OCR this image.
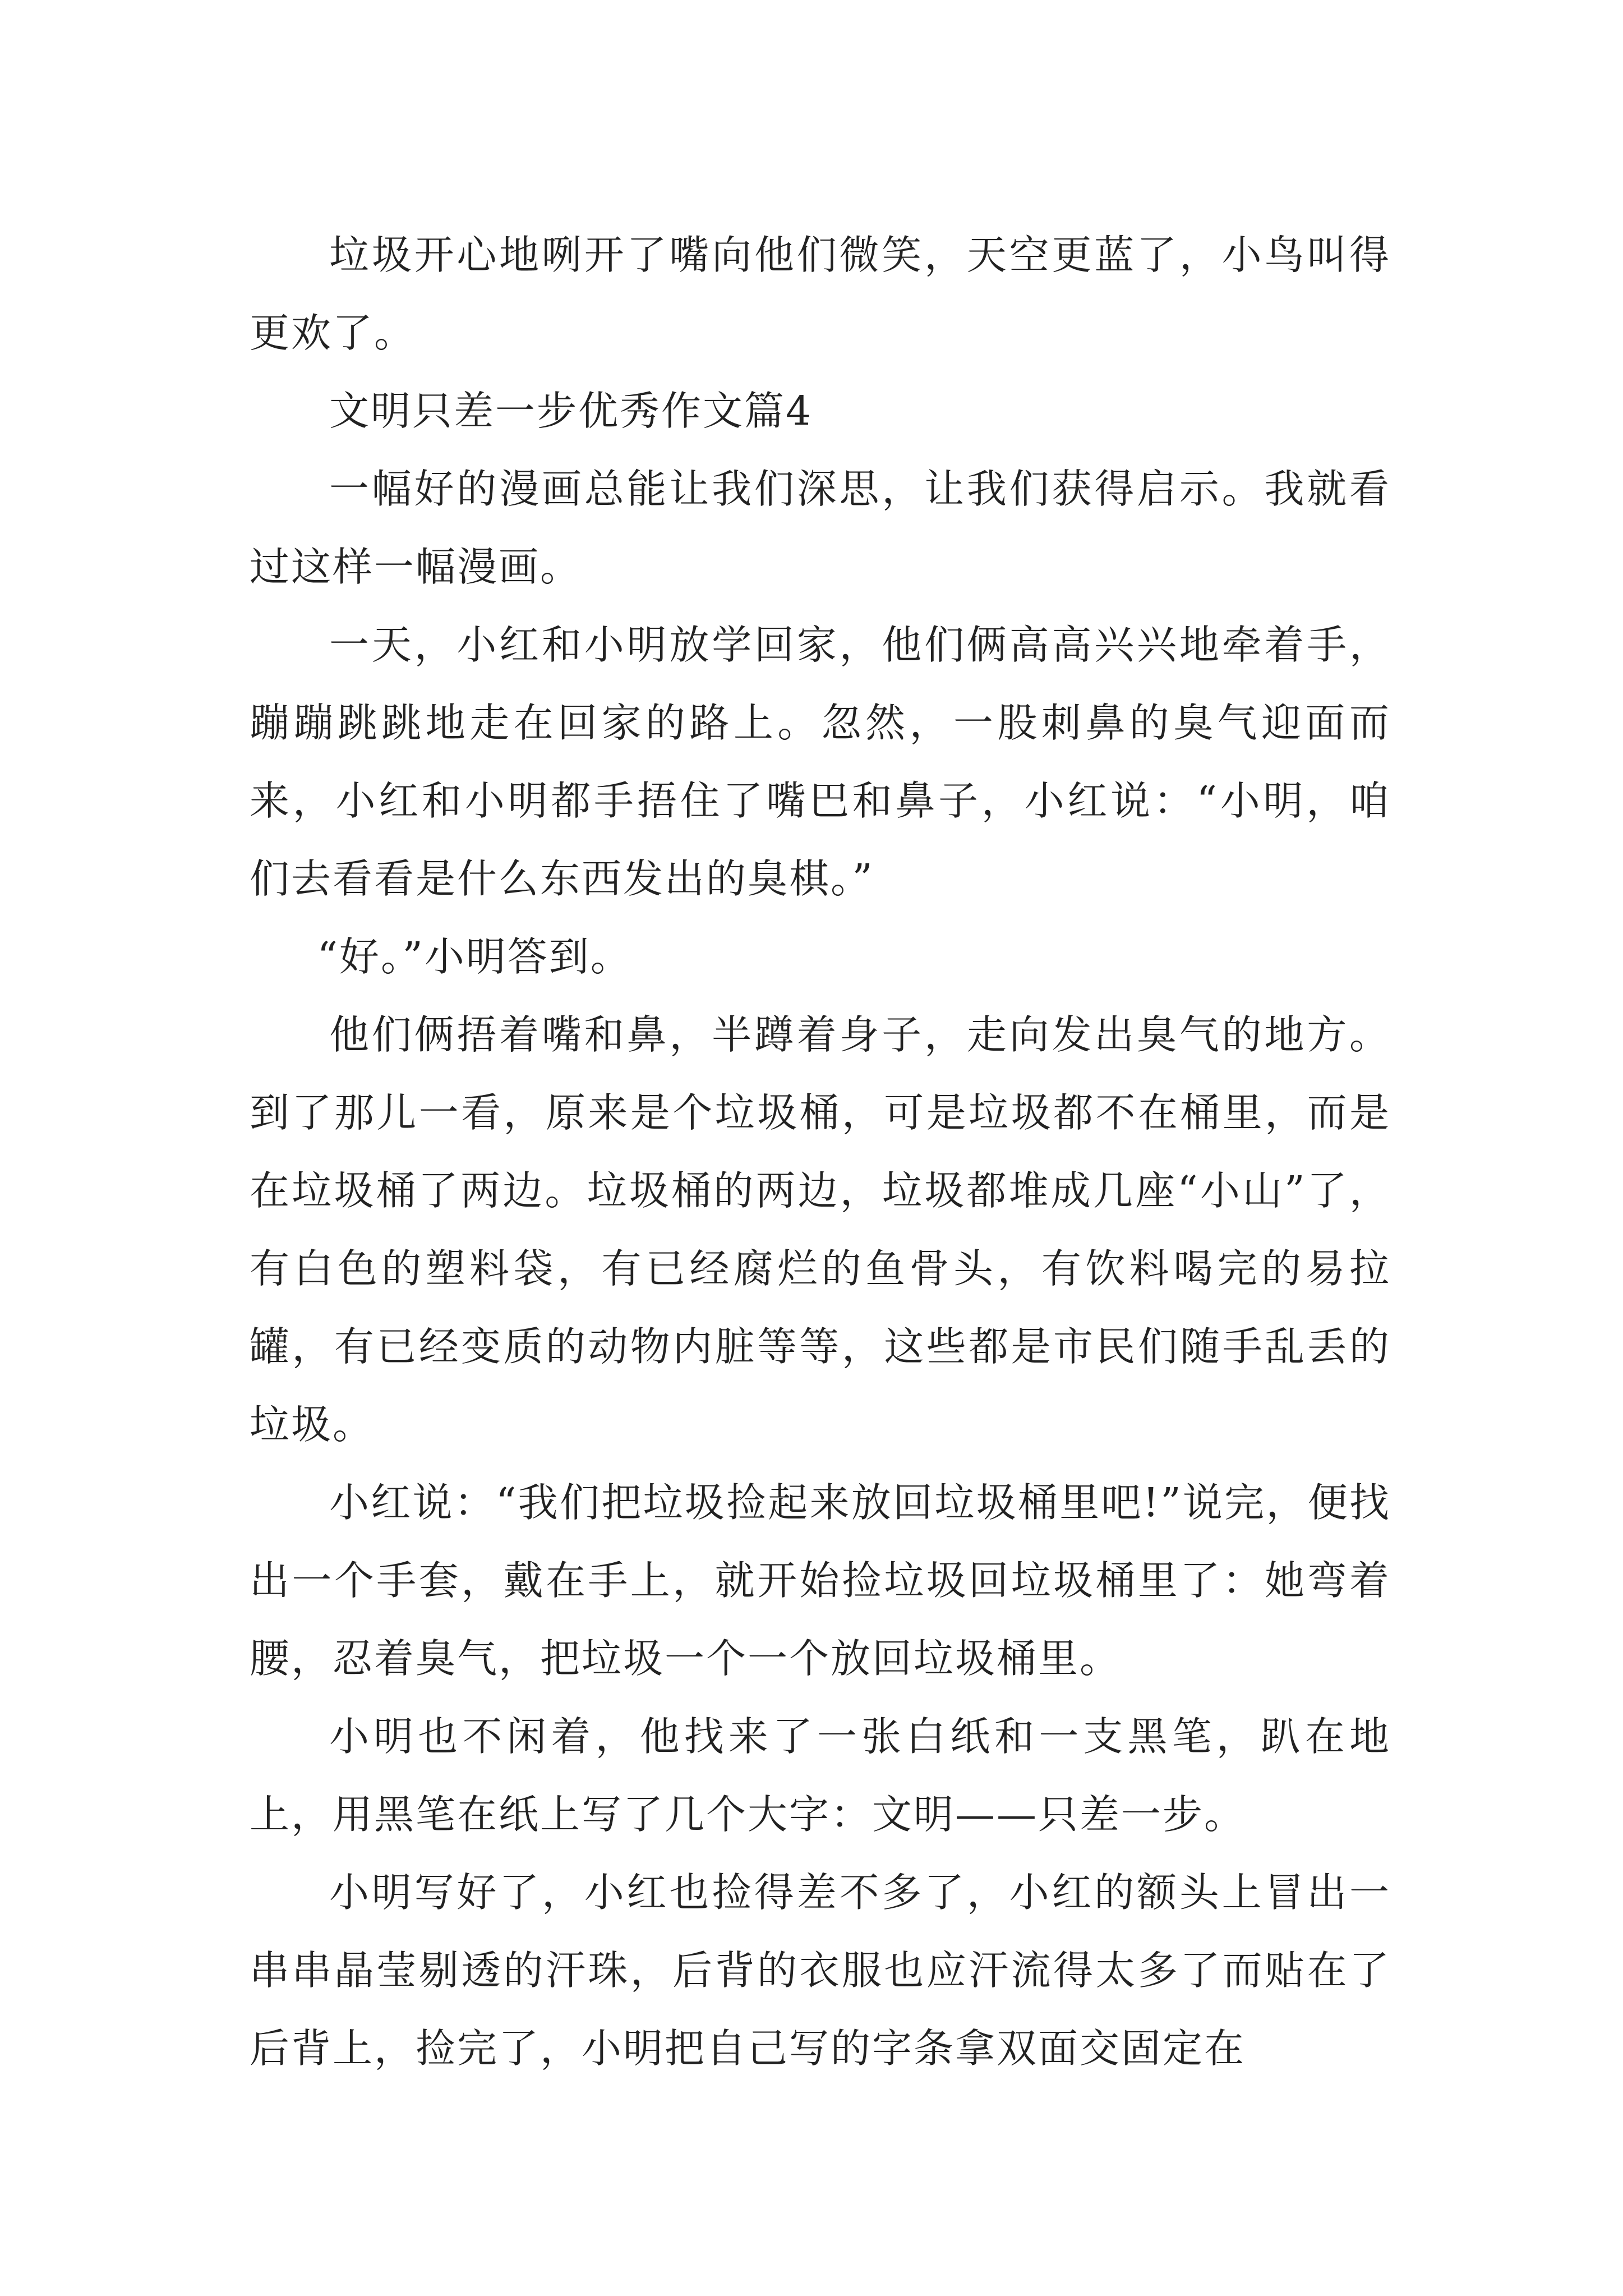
垃圾开心地咧开了嘴向他们微笑，天空更蓝了，小鸟叫得更欢了。

文明只差一步优秀作文篇4

一幅好的漫画总能让我们深思，让我们获得启示。我就看过这样一幅漫画。

一天，小红和小明放学回家，他们俩高高兴兴地牵着手，蹦蹦跳跳地走在回家的路上。忽然，一股刺鼻的臭气迎面而来，小红和小明都手捂住了嘴巴和鼻子，小红说：“小明，咱们去看看是什么东西发出的臭棋。”

“好。”小明答到。

他们俩捂着嘴和鼻，半蹲着身子，走向发出臭气的地方。到了那儿一看，原来是个垃圾桶，可是垃圾都不在桶里，而是在垃圾桶了两边。垃圾桶的两边，垃圾都堆成几座“小山”了，有白色的塑料袋，有已经腐烂的鱼骨头，有饮料喝完的易拉罐，有已经变质的动物内脏等等，这些都是市民们随手乱丢的垃圾。

小红说：“我们把垃圾捡起来放回垃圾桶里吧!”说完，便找出一个手套，戴在手上，就开始捡垃圾回垃圾桶里了：她弯着腰，忍着臭气，把垃圾一个一个放回垃圾桶里。

小明也不闲着，他找来了一张白纸和一支黑笔，趴在地上，用黑笔在纸上写了几个大字：文明——只差一步。

小明写好了，小红也捡得差不多了，小红的额头上冒出一串串晶莹剔透的汗珠，后背的衣服也应汗流得太多了而贴在了后背上，捡完了，小明把自己写的字条拿双面交固定在
